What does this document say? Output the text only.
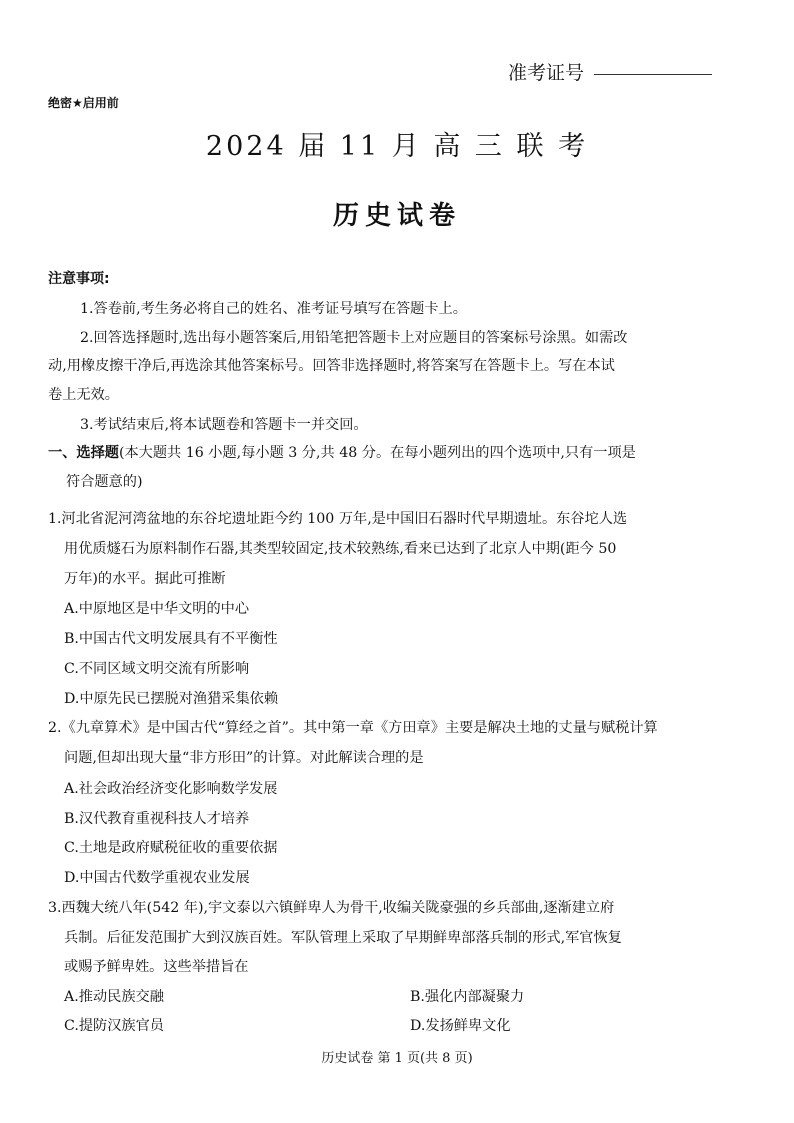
准考证号
绝密★启用前
2024 届 11 月 高 三 联 考
历史试卷
注意事项:
1.答卷前,考生务必将自己的姓名、准考证号填写在答题卡上。
2.回答选择题时,选出每小题答案后,用铅笔把答题卡上对应题目的答案标号涂黑。如需改
动,用橡皮擦干净后,再选涂其他答案标号。回答非选择题时,将答案写在答题卡上。写在本试
卷上无效。
3.考试结束后,将本试题卷和答题卡一并交回。
一、选择题(本大题共 16 小题,每小题 3 分,共 48 分。在每小题列出的四个选项中,只有一项是
符合题意的)
1.河北省泥河湾盆地的东谷坨遗址距今约 100 万年,是中国旧石器时代早期遗址。东谷坨人选
用优质燧石为原料制作石器,其类型较固定,技术较熟练,看来已达到了北京人中期(距今 50
万年)的水平。据此可推断
A.中原地区是中华文明的中心
B.中国古代文明发展具有不平衡性
C.不同区域文明交流有所影响
D.中原先民已摆脱对渔猎采集依赖
2.《九章算术》是中国古代“算经之首”。其中第一章《方田章》主要是解决土地的丈量与赋税计算
问题,但却出现大量“非方形田”的计算。对此解读合理的是
A.社会政治经济变化影响数学发展
B.汉代教育重视科技人才培养
C.土地是政府赋税征收的重要依据
D.中国古代数学重视农业发展
3.西魏大统八年(542 年),宇文泰以六镇鲜卑人为骨干,收编关陇豪强的乡兵部曲,逐渐建立府
兵制。后征发范围扩大到汉族百姓。军队管理上采取了早期鲜卑部落兵制的形式,军官恢复
或赐予鲜卑姓。这些举措旨在
A.推动民族交融	B.强化内部凝聚力
C.提防汉族官员	D.发扬鲜卑文化
历史试卷 第 1 页(共 8 页)
